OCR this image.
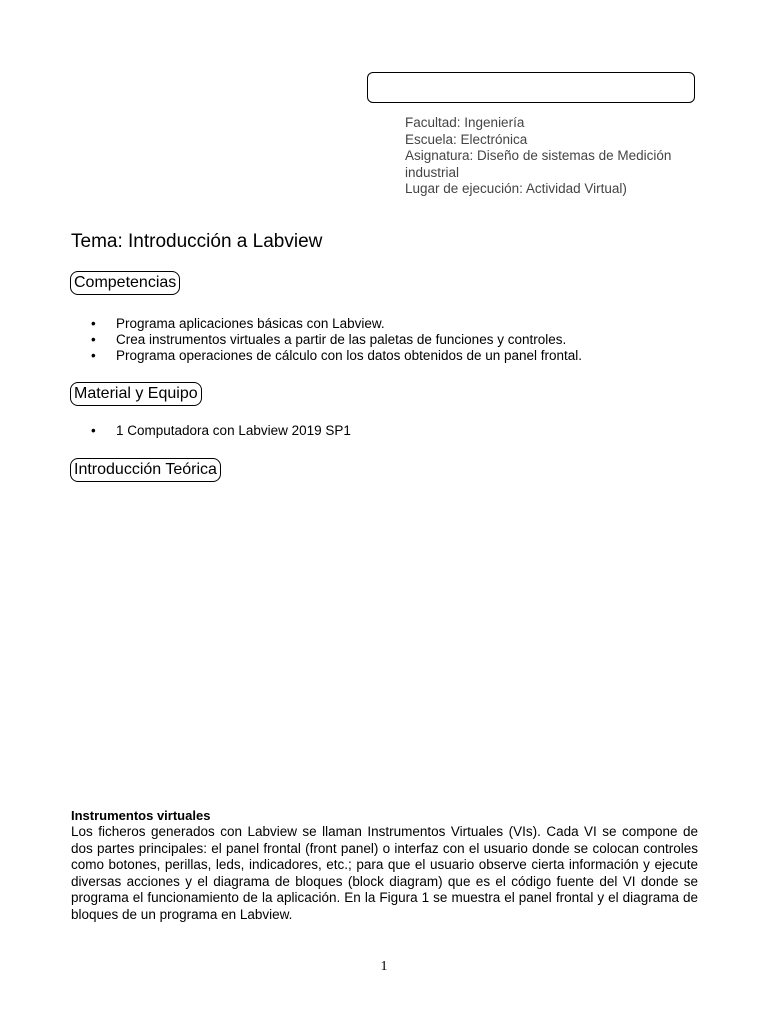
Facultad: Ingeniería
Escuela: Electrónica
Asignatura: Diseño de sistemas de Medición industrial
Lugar de ejecución: Actividad Virtual)
Tema: Introducción a Labview
Competencias
• Programa aplicaciones básicas con Labview.
• Crea instrumentos virtuales a partir de las paletas de funciones y controles.
• Programa operaciones de cálculo con los datos obtenidos de un panel frontal.
Material y Equipo
• 1 Computadora con Labview 2019 SP1
Introducción Teórica
Instrumentos virtuales
Los ficheros generados con Labview se llaman Instrumentos Virtuales (VIs). Cada VI se compone de dos partes principales: el panel frontal (front panel) o interfaz con el usuario donde se colocan controles como botones, perillas, leds, indicadores, etc.; para que el usuario observe cierta información y ejecute diversas acciones y el diagrama de bloques (block diagram) que es el código fuente del VI donde se programa el funcionamiento de la aplicación. En la Figura 1 se muestra el panel frontal y el diagrama de bloques de un programa en Labview.
1
